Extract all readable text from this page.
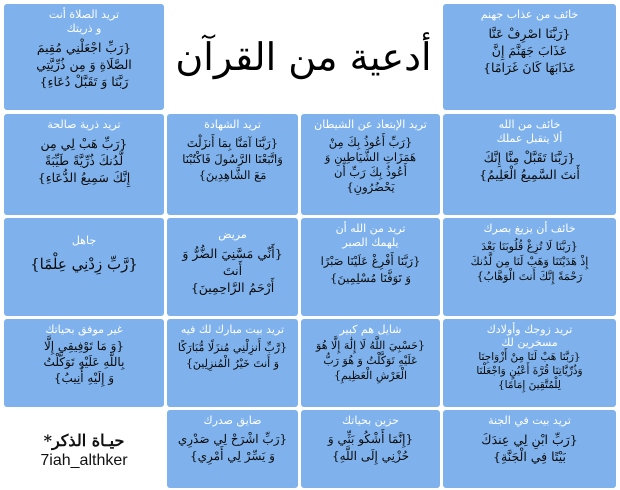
تريد الصلاة أنت
و ذريتك
{رَبِّ اجْعَلْنِي مُقِيمَ
الصَّلَاةِ وَ مِن ذُرِّيَّتِي
رَبَّنَا وَ تَقَبَّلْ دُعَاءِ}
أدعية من القرآن
خائف من عذاب جهنم
{رَبَّنَا اصْرِفْ عَنَّا
عَذَابَ جَهَنَّمَ إِنَّ
عَذَابَهَا كَانَ غَرَامًا}
تريد ذرية صالحة
{رَبِّ هَبْ لِي مِن
لَّدُنكَ ذُرِّيَّةً طَيِّبَةً
إِنَّكَ سَمِيعُ الدُّعَاءِ}
تريد الشهادة
{رَبَّنَا آمَنَّا بِمَا أَنزَلْتَ
وَاتَّبَعْنَا الرَّسُولَ فَاكْتُبْنَا
مَعَ الشَّاهِدِينَ}
تريد الإبتعاد عن الشيطان
{رَبِّ أَعُوذُ بِكَ مِنْ
هَمَزَاتِ الشَّيَاطِينِ وَ
أَعُوذُ بِكَ رَبِّ أَن
يَحْضُرُونِ}
خائف من الله
ألا يتقبل عملك
{رَبَّنَا تَقَبَّلْ مِنَّا إِنَّكَ
أَنتَ السَّمِيعُ الْعَلِيمُ}
جاهل
{رَّبِّ زِدْنِي عِلْمًا}
مريض
{أَنِّي مَسَّنِيَ الضُّرُّ وَ أَنتَ
أَرْحَمُ الرَّاحِمِينَ}
تريد من الله أن
يلهمك الصبر
{رَبَّنَا أَفْرِغْ عَلَيْنَا صَبْرًا
وَ تَوَفَّنَا مُسْلِمِينَ}
خائف أن يزيغ بصرك
{رَبَّنَا لَا تُزِغْ قُلُوبَنَا بَعْدَ
إِذْ هَدَيْتَنَا وَهَبْ لَنَا مِن لَّدُنكَ
رَحْمَةً إِنَّكَ أَنتَ الْوَهَّابُ}
غير موفق بحياتك
{وَ مَا تَوْفِيقِي إِلَّا
بِاللَّهِ عَلَيْهِ تَوَكَّلْتُ
وَ إِلَيْهِ أُنِيبُ}
تريد بيت مبارك لك فيه
{رَّبِّ أَنزِلْنِي مُنزَلًا مُّبَارَكًا
وَ أَنتَ خَيْرُ الْمُنزِلِينَ}
شايل هم كبير
{حَسْبِيَ اللَّهُ لَا إِلَٰهَ إِلَّا هُوَ
عَلَيْهِ تَوَكَّلْتُ وَ هُوَ رَبُّ
الْعَرْشِ الْعَظِيمِ}
تريد زوجك وأولادك
مسخرين لك
{رَبَّنَا هَبْ لَنَا مِنْ أَزْوَاجِنَا
وَذُرِّيَّاتِنَا قُرَّةَ أَعْيُنٍ وَاجْعَلْنَا
لِلْمُتَّقِينَ إِمَامًا}
حيـاة الذكر*
7iah_althker
ضايق صدرك
{رَبِّ اشْرَحْ لِي صَدْرِي
وَ يَسِّرْ لِي أَمْرِي}
حزين بحياتك
{إِنَّمَا أَشْكُو بَثِّي وَ
حُزْنِي إِلَى اللَّهِ}
تريد بيت في الجنة
{رَبِّ ابْنِ لِي عِندَكَ
بَيْتًا فِي الْجَنَّةِ}
